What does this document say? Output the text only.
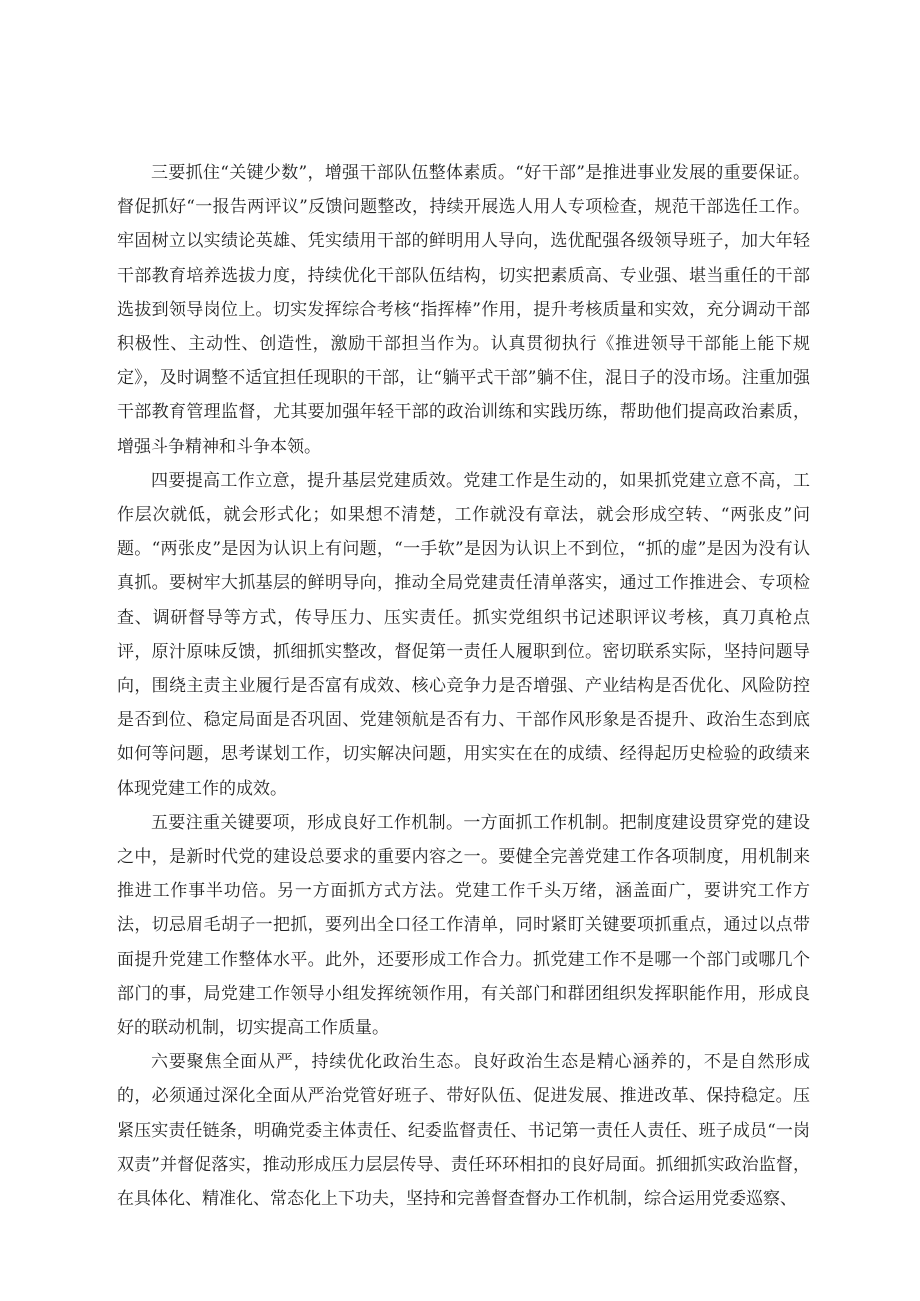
三要抓住“关键少数”，增强干部队伍整体素质。“好干部”是推进事业发展的重要保证。督促抓好“一报告两评议”反馈问题整改，持续开展选人用人专项检查，规范干部选任工作。牢固树立以实绩论英雄、凭实绩用干部的鲜明用人导向，选优配强各级领导班子，加大年轻干部教育培养选拔力度，持续优化干部队伍结构，切实把素质高、专业强、堪当重任的干部选拔到领导岗位上。切实发挥综合考核“指挥棒”作用，提升考核质量和实效，充分调动干部积极性、主动性、创造性，激励干部担当作为。认真贯彻执行《推进领导干部能上能下规定》，及时调整不适宜担任现职的干部，让“躺平式干部”躺不住，混日子的没市场。注重加强干部教育管理监督，尤其要加强年轻干部的政治训练和实践历练，帮助他们提高政治素质，增强斗争精神和斗争本领。

四要提高工作立意，提升基层党建质效。党建工作是生动的，如果抓党建立意不高，工作层次就低，就会形式化；如果想不清楚，工作就没有章法，就会形成空转、“两张皮”问题。“两张皮”是因为认识上有问题，“一手软”是因为认识上不到位，“抓的虚”是因为没有认真抓。要树牢大抓基层的鲜明导向，推动全局党建责任清单落实，通过工作推进会、专项检查、调研督导等方式，传导压力、压实责任。抓实党组织书记述职评议考核，真刀真枪点评，原汁原味反馈，抓细抓实整改，督促第一责任人履职到位。密切联系实际，坚持问题导向，围绕主责主业履行是否富有成效、核心竞争力是否增强、产业结构是否优化、风险防控是否到位、稳定局面是否巩固、党建领航是否有力、干部作风形象是否提升、政治生态到底如何等问题，思考谋划工作，切实解决问题，用实实在在的成绩、经得起历史检验的政绩来体现党建工作的成效。

五要注重关键要项，形成良好工作机制。一方面抓工作机制。把制度建设贯穿党的建设之中，是新时代党的建设总要求的重要内容之一。要健全完善党建工作各项制度，用机制来推进工作事半功倍。另一方面抓方式方法。党建工作千头万绪，涵盖面广，要讲究工作方法，切忌眉毛胡子一把抓，要列出全口径工作清单，同时紧盯关键要项抓重点，通过以点带面提升党建工作整体水平。此外，还要形成工作合力。抓党建工作不是哪一个部门或哪几个部门的事，局党建工作领导小组发挥统领作用，有关部门和群团组织发挥职能作用，形成良好的联动机制，切实提高工作质量。

六要聚焦全面从严，持续优化政治生态。良好政治生态是精心涵养的，不是自然形成的，必须通过深化全面从严治党管好班子、带好队伍、促进发展、推进改革、保持稳定。压紧压实责任链条，明确党委主体责任、纪委监督责任、书记第一责任人责任、班子成员“一岗双责”并督促落实，推动形成压力层层传导、责任环环相扣的良好局面。抓细抓实政治监督，在具体化、精准化、常态化上下功夫，坚持和完善督查督办工作机制，综合运用党委巡察、
